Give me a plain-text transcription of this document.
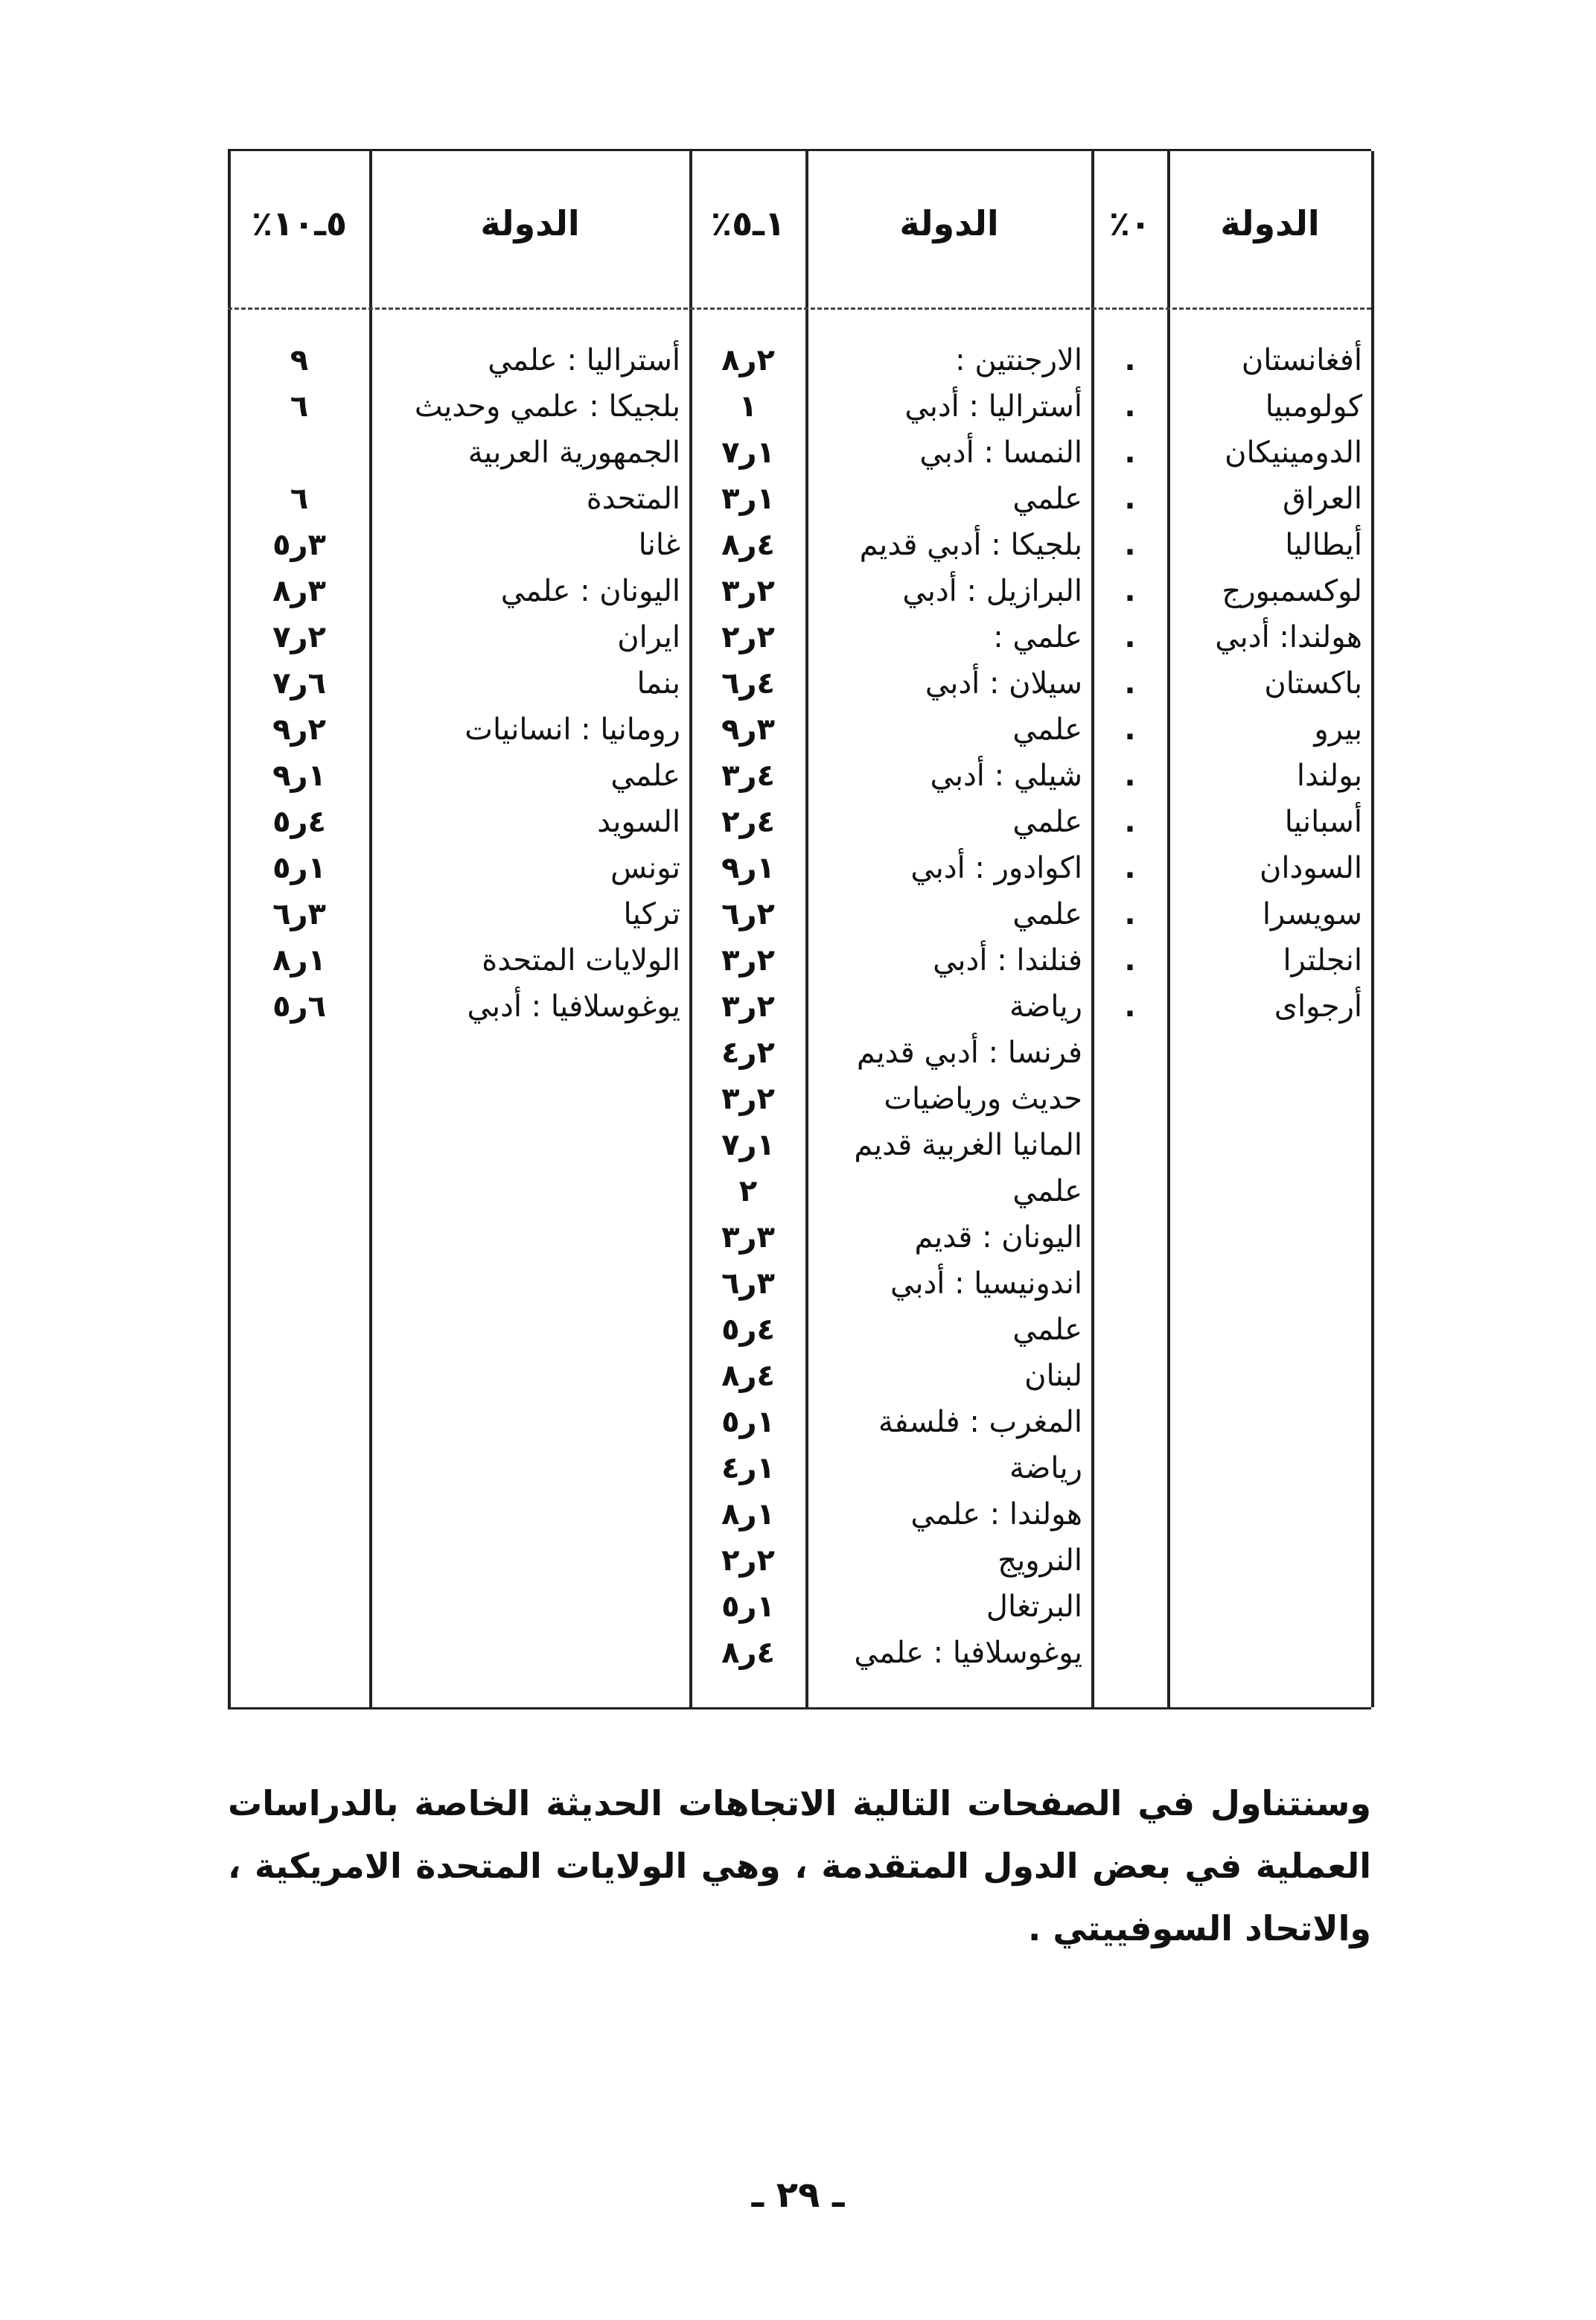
الدولة
أفغانستان
كولومبيا
الدومينيكان
العراق
أيطاليا
لوكسمبورج
هولندا: أدبي
باكستان
بيرو
بولندا
أسبانيا
السودان
سويسرا
انجلترا
أرجواى
٠٪
.
.
.
.
.
.
.
.
.
.
.
.
.
.
.
الدولة
الارجنتين :
أستراليا : أدبي
النمسا : أدبي
علمي
بلجيكا : أدبي قديم
البرازيل : أدبي
علمي :
سيلان : أدبي
علمي
شيلي : أدبي
علمي
اكوادور : أدبي
علمي
فنلندا : أدبي
رياضة
فرنسا : أدبي قديم
حديث ورياضيات
المانيا الغربية قديم
علمي
اليونان : قديم
اندونيسيا : أدبي
علمي
لبنان
المغرب : فلسفة
رياضة
هولندا : علمي
النرويج
البرتغال
يوغوسلافيا : علمي
١ـ٥٪
٢ر٨
١
١ر٧
١ر٣
٤ر٨
٢ر٣
٢ر٢
٤ر٦
٣ر٩
٤ر٣
٤ر٢
١ر٩
٢ر٦
٢ر٣
٢ر٣
٢ر٤
٢ر٣
١ر٧
٢
٣ر٣
٣ر٦
٤ر٥
٤ر٨
١ر٥
١ر٤
١ر٨
٢ر٢
١ر٥
٤ر٨
الدولة
أستراليا : علمي
بلجيكا : علمي وحديث
الجمهورية العربية
المتحدة
غانا
اليونان : علمي
ايران
بنما
رومانيا : انسانيات
علمي
السويد
تونس
تركيا
الولايات المتحدة
يوغوسلافيا : أدبي
٥ـ١٠٪
٩
٦
٦
٣ر٥
٣ر٨
٢ر٧
٦ر٧
٢ر٩
١ر٩
٤ر٥
١ر٥
٣ر٦
١ر٨
٦ر٥

وسنتناول في الصفحات التالية الاتجاهات الحديثة الخاصة بالدراسات العملية في بعض الدول المتقدمة ، وهي الولايات المتحدة الامريكية ، والاتحاد السوفييتي .

ـ ٢٩ ـ
